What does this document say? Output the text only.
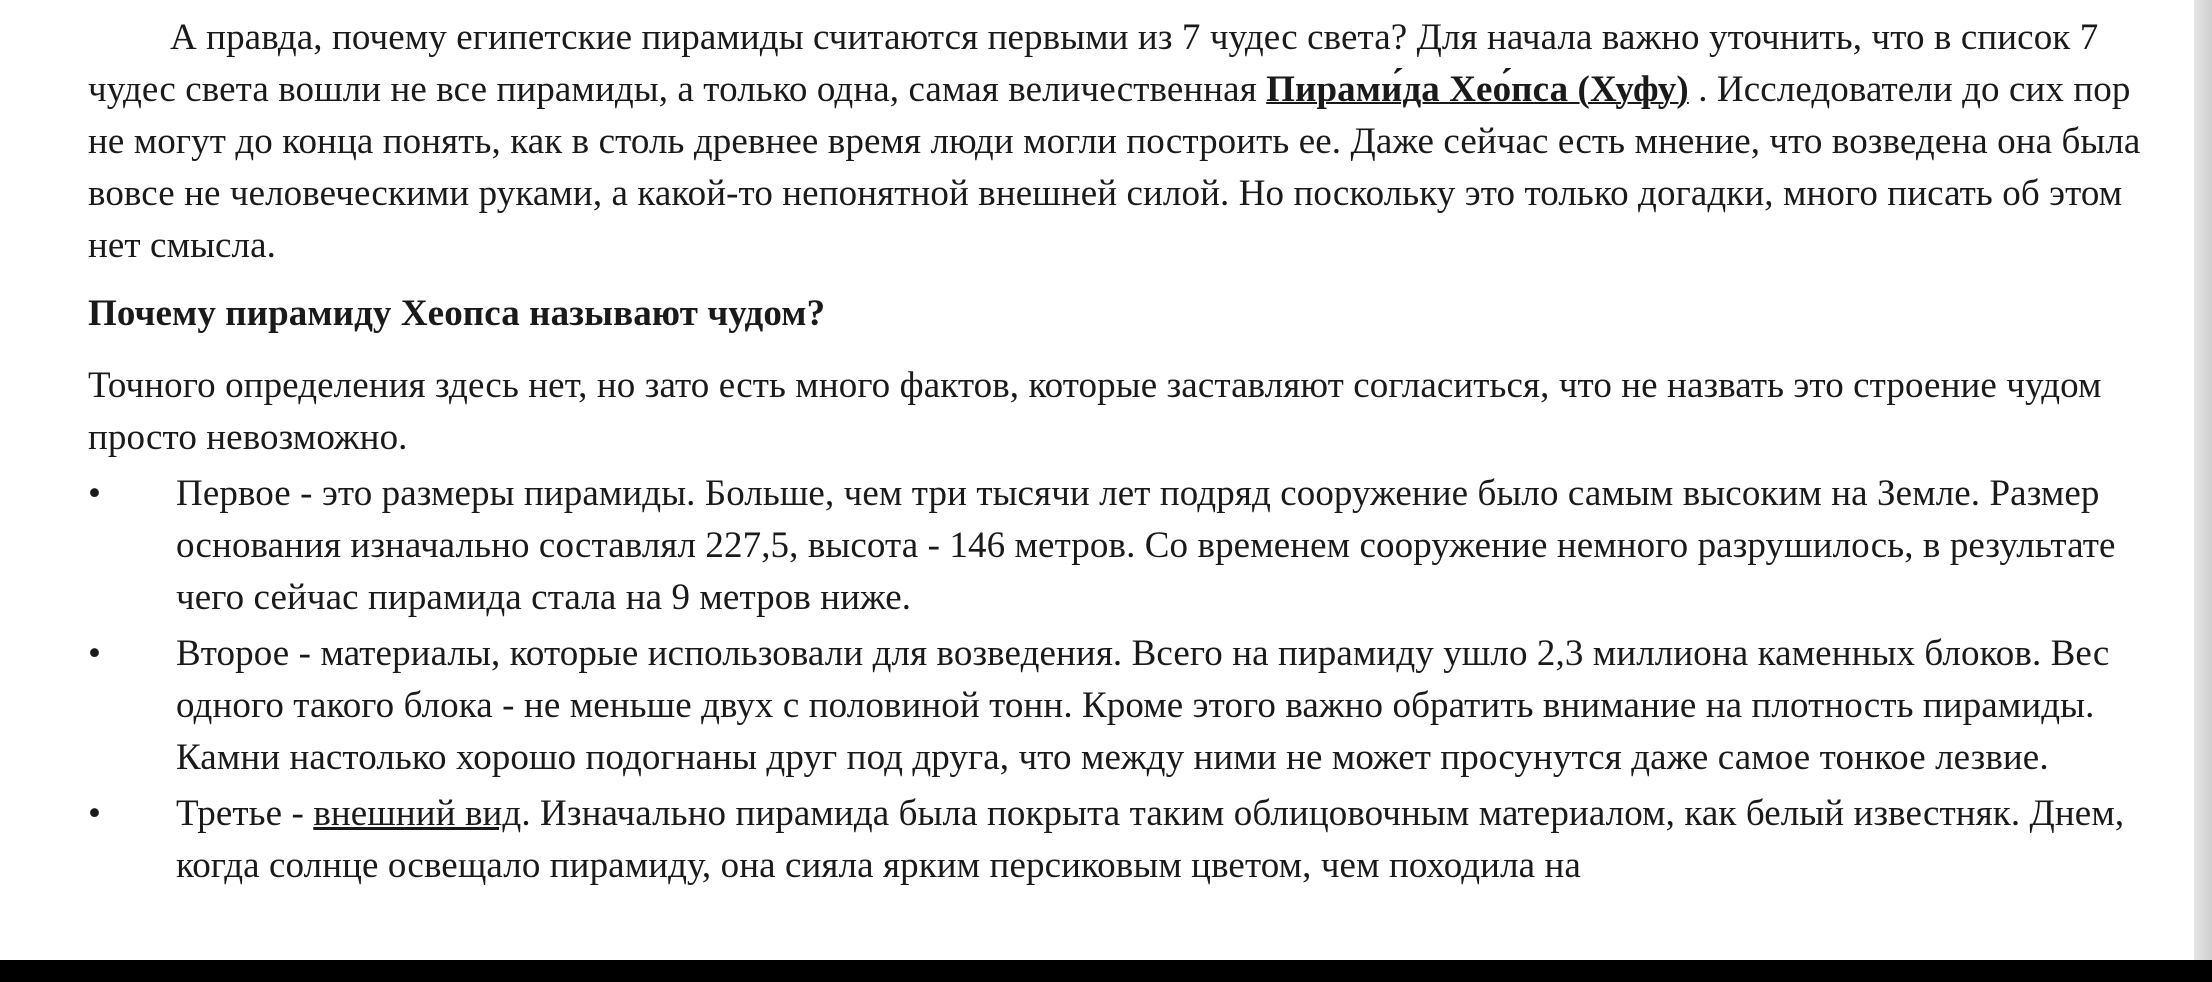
А правда, почему египетские пирамиды считаются первыми из 7 чудес света? Для начала важно уточнить, что в список 7 чудес света вошли не все пирамиды, а только одна, самая величественная Пирами́да Хео́пса (Хуфу) . Исследователи до сих пор не могут до конца понять, как в столь древнее время люди могли построить ее. Даже сейчас есть мнение, что возведена она была вовсе не человеческими руками, а какой-то непонятной внешней силой. Но поскольку это только догадки, много писать об этом нет смысла.

Почему пирамиду Хеопса называют чудом?

Точного определения здесь нет, но зато есть много фактов, которые заставляют согласиться, что не назвать это строение чудом просто невозможно.

•
Первое - это размеры пирамиды. Больше, чем три тысячи лет подряд сооружение было самым высоким на Земле. Размер основания изначально составлял 227,5, высота - 146 метров. Со временем сооружение немного разрушилось, в результате чего сейчас пирамида стала на 9 метров ниже.
•
Второе - материалы, которые использовали для возведения. Всего на пирамиду ушло 2,3 миллиона каменных блоков. Вес одного такого блока - не меньше двух с половиной тонн. Кроме этого важно обратить внимание на плотность пирамиды. Камни настолько хорошо подогнаны друг под друга, что между ними не может просунутся даже самое тонкое лезвие.
•
Третье - внешний вид. Изначально пирамида была покрыта таким облицовочным материалом, как белый известняк. Днем, когда солнце освещало пирамиду, она сияла ярким персиковым цветом, чем походила на
